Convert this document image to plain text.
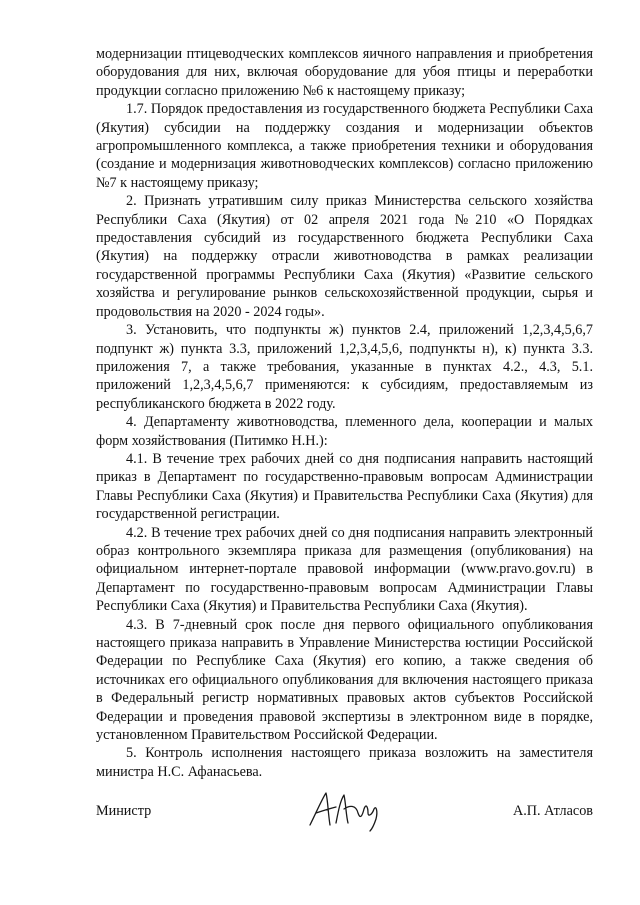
модернизации птицеводческих комплексов яичного направления и приобретения оборудования для них, включая оборудование для убоя птицы и переработки продукции согласно приложению №6 к настоящему приказу;

1.7. Порядок предоставления из государственного бюджета Республики Саха (Якутия) субсидии на поддержку создания и модернизации объектов агропромышленного комплекса, а также приобретения техники и оборудования (создание и модернизация животноводческих комплексов) согласно приложению №7 к настоящему приказу;

2. Признать утратившим силу приказ Министерства сельского хозяйства Республики Саха (Якутия) от 02 апреля 2021 года №210 «О Порядках предоставления субсидий из государственного бюджета Республики Саха (Якутия) на поддержку отрасли животноводства в рамках реализации государственной программы Республики Саха (Якутия) «Развитие сельского хозяйства и регулирование рынков сельскохозяйственной продукции, сырья и продовольствия на 2020 - 2024 годы».

3. Установить, что подпункты ж) пунктов 2.4, приложений 1,2,3,4,5,6,7 подпункт ж) пункта 3.3, приложений 1,2,3,4,5,6, подпункты н), к) пункта 3.3. приложения 7, а также требования, указанные в пунктах 4.2., 4.3, 5.1. приложений 1,2,3,4,5,6,7 применяются: к субсидиям, предоставляемым из республиканского бюджета в 2022 году.

4. Департаменту животноводства, племенного дела, кооперации и малых форм хозяйствования (Питимко Н.Н.):

4.1. В течение трех рабочих дней со дня подписания направить настоящий приказ в Департамент по государственно-правовым вопросам Администрации Главы Республики Саха (Якутия) и Правительства Республики Саха (Якутия) для государственной регистрации.

4.2. В течение трех рабочих дней со дня подписания направить электронный образ контрольного экземпляра приказа для размещения (опубликования) на официальном интернет-портале правовой информации (www.pravo.gov.ru) в Департамент по государственно-правовым вопросам Администрации Главы Республики Саха (Якутия) и Правительства Республики Саха (Якутия).

4.3. В 7-дневный срок после дня первого официального опубликования настоящего приказа направить в Управление Министерства юстиции Российской Федерации по Республике Саха (Якутия) его копию, а также сведения об источниках его официального опубликования для включения настоящего приказа в Федеральный регистр нормативных правовых актов субъектов Российской Федерации и проведения правовой экспертизы в электронном виде в порядке, установленном Правительством Российской Федерации.

5. Контроль исполнения настоящего приказа возложить на заместителя министра Н.С. Афанасьева.

Министр	А.П. Атласов
